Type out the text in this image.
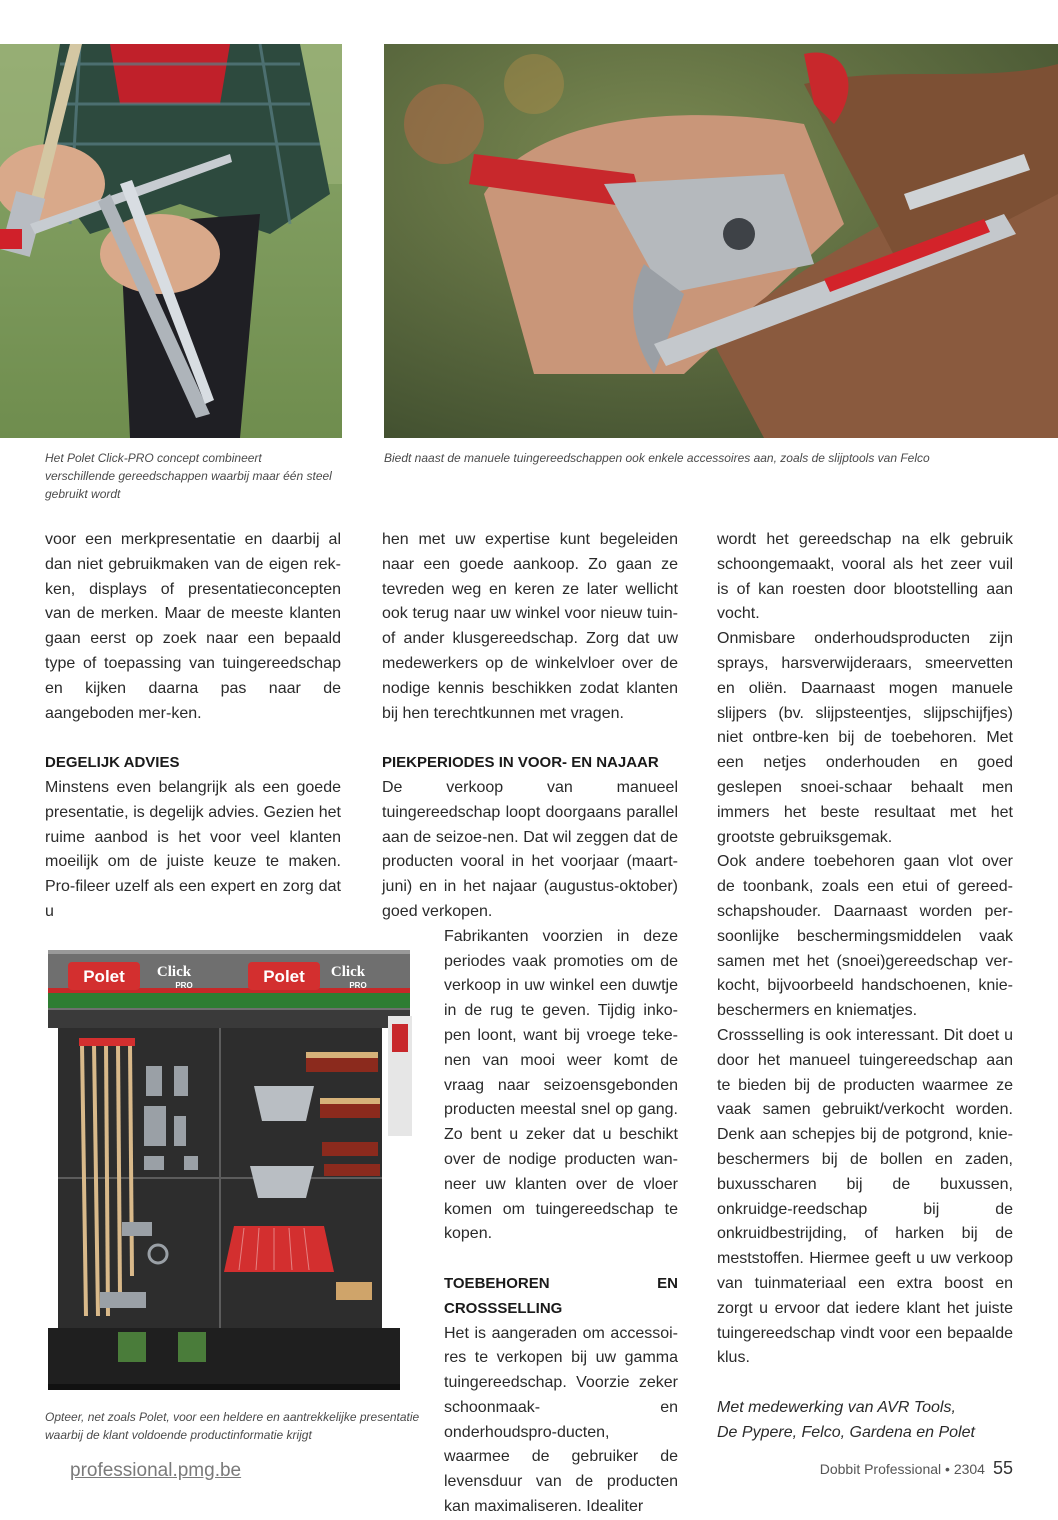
Het Polet Click-PRO concept combineert verschillende gereedschappen waarbij maar één steel gebruikt wordt
Biedt naast de manuele tuingereedschappen ook enkele accessoires aan, zoals de slijptools van Felco

voor een merkpresentatie en daarbij al dan niet gebruikmaken van de eigen rek-ken, displays of presentatieconcepten van de merken. Maar de meeste klanten gaan eerst op zoek naar een bepaald type of toepassing van tuingereedschap en kijken daarna pas naar de aangeboden mer-ken.

DEGELIJK ADVIES

Minstens even belangrijk als een goede presentatie, is degelijk advies. Gezien het ruime aanbod is het voor veel klanten moeilijk om de juiste keuze te maken. Pro-fileer uzelf als een expert en zorg dat u

hen met uw expertise kunt begeleiden naar een goede aankoop. Zo gaan ze tevreden weg en keren ze later wellicht ook terug naar uw winkel voor nieuw tuin- of ander klusgereedschap. Zorg dat uw medewerkers op de winkelvloer over de nodige kennis beschikken zodat klanten bij hen terechtkunnen met vragen.

PIEKPERIODES IN VOOR- EN NAJAAR

De verkoop van manueel tuingereedschap loopt doorgaans parallel aan de seizoe-nen. Dat wil zeggen dat de producten vooral in het voorjaar (maart-juni) en in het najaar (augustus-oktober) goed verkopen.

Fabrikanten voorzien in deze periodes vaak promoties om de verkoop in uw winkel een duwtje in de rug te geven. Tijdig inko-pen loont, want bij vroege teke-nen van mooi weer komt de vraag naar seizoensgebonden producten meestal snel op gang. Zo bent u zeker dat u beschikt over de nodige producten wan-neer uw klanten over de vloer komen om tuingereedschap te kopen.

TOEBEHOREN EN CROSSSELLING

Het is aangeraden om accessoi-res te verkopen bij uw gamma tuingereedschap. Voorzie zeker schoonmaak- en onderhoudspro-ducten, waarmee de gebruiker de levensduur van de producten kan maximaliseren. Idealiter

Polet Click
PRO	Polet Click
PRO
Opteer, net zoals Polet, voor een heldere en aantrekkelijke presentatie waarbij de klant voldoende productinformatie krijgt

wordt het gereedschap na elk gebruik schoongemaakt, vooral als het zeer vuil is of kan roesten door blootstelling aan vocht.

Onmisbare onderhoudsproducten zijn sprays, harsverwijderaars, smeervetten en oliën. Daarnaast mogen manuele slijpers (bv. slijpsteentjes, slijpschijfjes) niet ontbre-ken bij de toebehoren. Met een netjes onderhouden en goed geslepen snoei-schaar behaalt men immers het beste resultaat met het grootste gebruiksgemak.

Ook andere toebehoren gaan vlot over de toonbank, zoals een etui of gereed-schapshouder. Daarnaast worden per-soonlijke beschermingsmiddelen vaak samen met het (snoei)gereedschap ver-kocht, bijvoorbeeld handschoenen, knie-beschermers en kniematjes.

Crossselling is ook interessant. Dit doet u door het manueel tuingereedschap aan te bieden bij de producten waarmee ze vaak samen gebruikt/verkocht worden. Denk aan schepjes bij de potgrond, knie-beschermers bij de bollen en zaden, buxusscharen bij de buxussen, onkruidge-reedschap bij de onkruidbestrijding, of harken bij de meststoffen. Hiermee geeft u uw verkoop van tuinmateriaal een extra boost en zorgt u ervoor dat iedere klant het juiste tuingereedschap vindt voor een bepaalde klus.

Met medewerking van AVR Tools,
De Pypere, Felco, Gardena en Polet
professional.pmg.be	Dobbit Professional • 2304 55
